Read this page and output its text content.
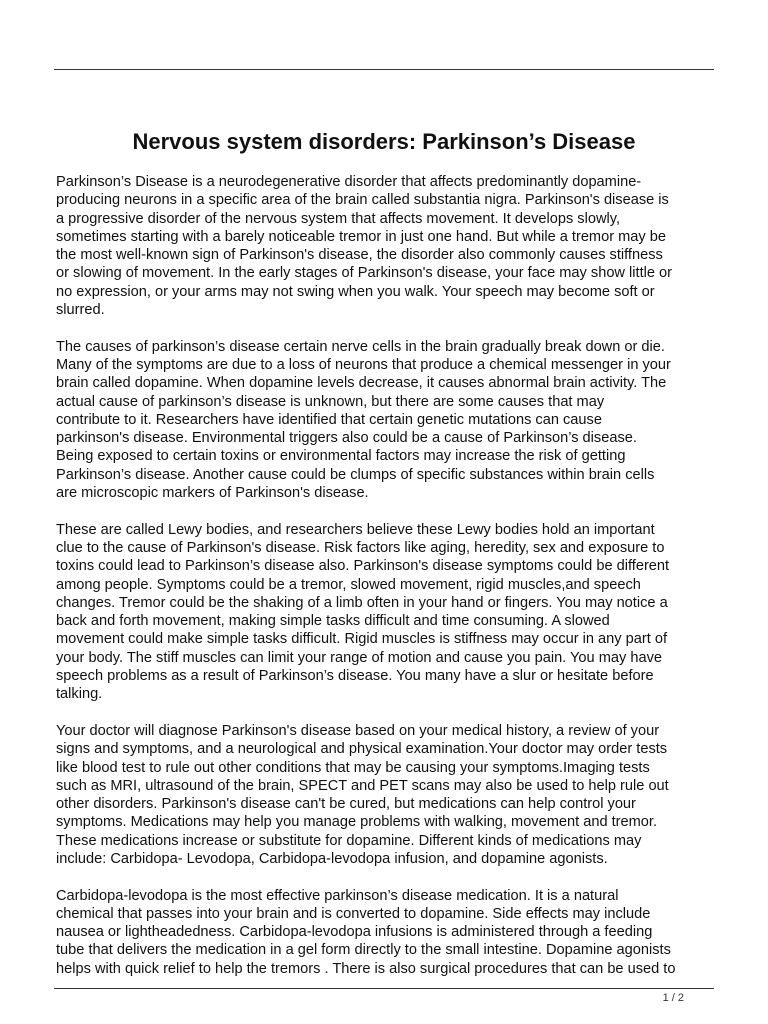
Nervous system disorders: Parkinson’s Disease

Parkinson’s Disease is a neurodegenerative disorder that affects predominantly dopamine-
producing neurons in a specific area of the brain called substantia nigra. Parkinson's disease is
a progressive disorder of the nervous system that affects movement. It develops slowly,
sometimes starting with a barely noticeable tremor in just one hand. But while a tremor may be
the most well-known sign of Parkinson's disease, the disorder also commonly causes stiffness
or slowing of movement. In the early stages of Parkinson's disease, your face may show little or
no expression, or your arms may not swing when you walk. Your speech may become soft or
slurred.

The causes of parkinson’s disease certain nerve cells in the brain gradually break down or die.
Many of the symptoms are due to a loss of neurons that produce a chemical messenger in your
brain called dopamine. When dopamine levels decrease, it causes abnormal brain activity. The
actual cause of parkinson’s disease is unknown, but there are some causes that may
contribute to it. Researchers have identified that certain genetic mutations can cause
parkinson's disease. Environmental triggers also could be a cause of Parkinson’s disease.
Being exposed to certain toxins or environmental factors may increase the risk of getting
Parkinson’s disease. Another cause could be clumps of specific substances within brain cells
are microscopic markers of Parkinson's disease.

These are called Lewy bodies, and researchers believe these Lewy bodies hold an important
clue to the cause of Parkinson's disease. Risk factors like aging, heredity, sex and exposure to
toxins could lead to Parkinson’s disease also. Parkinson's disease symptoms could be different
among people. Symptoms could be a tremor, slowed movement, rigid muscles,and speech
changes. Tremor could be the shaking of a limb often in your hand or fingers. You may notice a
back and forth movement, making simple tasks difficult and time consuming. A slowed
movement could make simple tasks difficult. Rigid muscles is stiffness may occur in any part of
your body. The stiff muscles can limit your range of motion and cause you pain. You may have
speech problems as a result of Parkinson’s disease. You many have a slur or hesitate before
talking.

Your doctor will diagnose Parkinson's disease based on your medical history, a review of your
signs and symptoms, and a neurological and physical examination.Your doctor may order tests
like blood test to rule out other conditions that may be causing your symptoms.Imaging tests
such as MRI, ultrasound of the brain, SPECT and PET scans may also be used to help rule out
other disorders. Parkinson's disease can't be cured, but medications can help control your
symptoms. Medications may help you manage problems with walking, movement and tremor.
These medications increase or substitute for dopamine. Different kinds of medications may
include: Carbidopa- Levodopa, Carbidopa-levodopa infusion, and dopamine agonists.

Carbidopa-levodopa is the most effective parkinson’s disease medication. It is a natural
chemical that passes into your brain and is converted to dopamine. Side effects may include
nausea or lightheadedness. Carbidopa-levodopa infusions is administered through a feeding
tube that delivers the medication in a gel form directly to the small intestine. Dopamine agonists
helps with quick relief to help the tremors . There is also surgical procedures that can be used to

1 / 2
